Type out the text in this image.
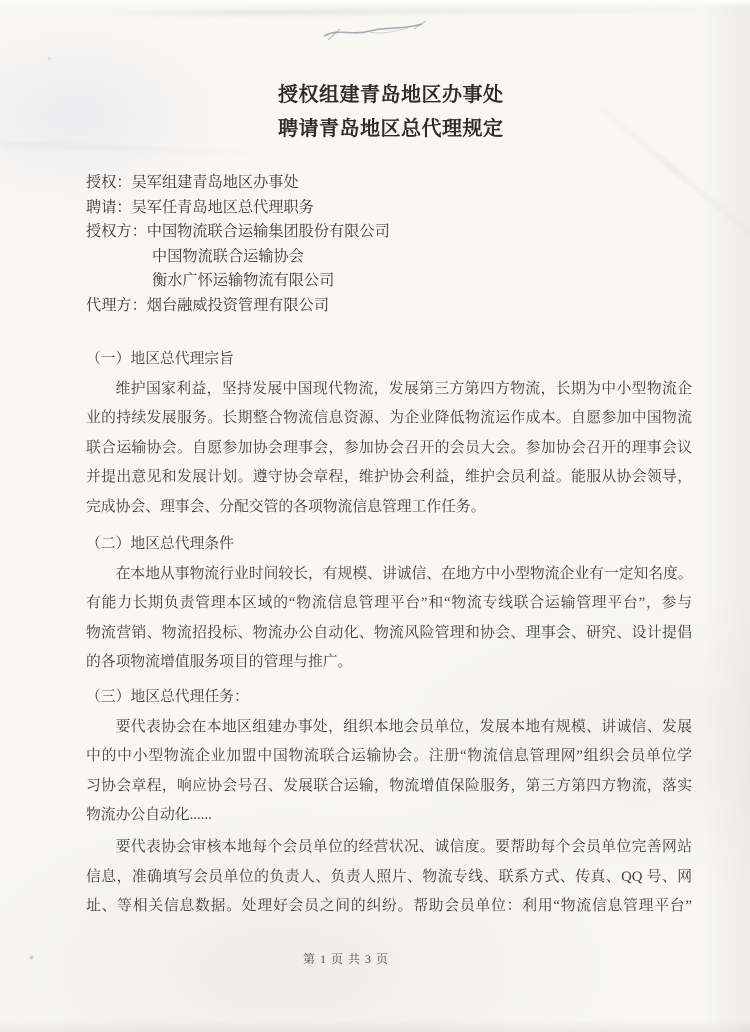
授权组建青岛地区办事处
聘请青岛地区总代理规定
授权：吴军组建青岛地区办事处
聘请：吴军任青岛地区总代理职务
授权方：中国物流联合运输集团股份有限公司
中国物流联合运输协会
衡水广怀运输物流有限公司
代理方：烟台融威投资管理有限公司
（一）地区总代理宗旨
维护国家利益，坚持发展中国现代物流，发展第三方第四方物流，长期为中小型物流企
业的持续发展服务。长期整合物流信息资源、为企业降低物流运作成本。自愿参加中国物流
联合运输协会。自愿参加协会理事会，参加协会召开的会员大会。参加协会召开的理事会议
并提出意见和发展计划。遵守协会章程，维护协会利益，维护会员利益。能服从协会领导，
完成协会、理事会、分配交管的各项物流信息管理工作任务。
（二）地区总代理条件
在本地从事物流行业时间较长，有规模、讲诚信、在地方中小型物流企业有一定知名度。
有能力长期负责管理本区域的“物流信息管理平台”和“物流专线联合运输管理平台”，参与
物流营销、物流招投标、物流办公自动化、物流风险管理和协会、理事会、研究、设计提倡
的各项物流增值服务项目的管理与推广。
（三）地区总代理任务：
要代表协会在本地区组建办事处，组织本地会员单位，发展本地有规模、讲诚信、发展
中的中小型物流企业加盟中国物流联合运输协会。注册“物流信息管理网”组织会员单位学
习协会章程，响应协会号召、发展联合运输，物流增值保险服务，第三方第四方物流，落实
物流办公自动化......
要代表协会审核本地每个会员单位的经营状况、诚信度。要帮助每个会员单位完善网站
信息，准确填写会员单位的负责人、负责人照片、物流专线、联系方式、传真、QQ 号、网
址、等相关信息数据。处理好会员之间的纠纷。帮助会员单位：利用“物流信息管理平台”
第 1 页 共 3 页
